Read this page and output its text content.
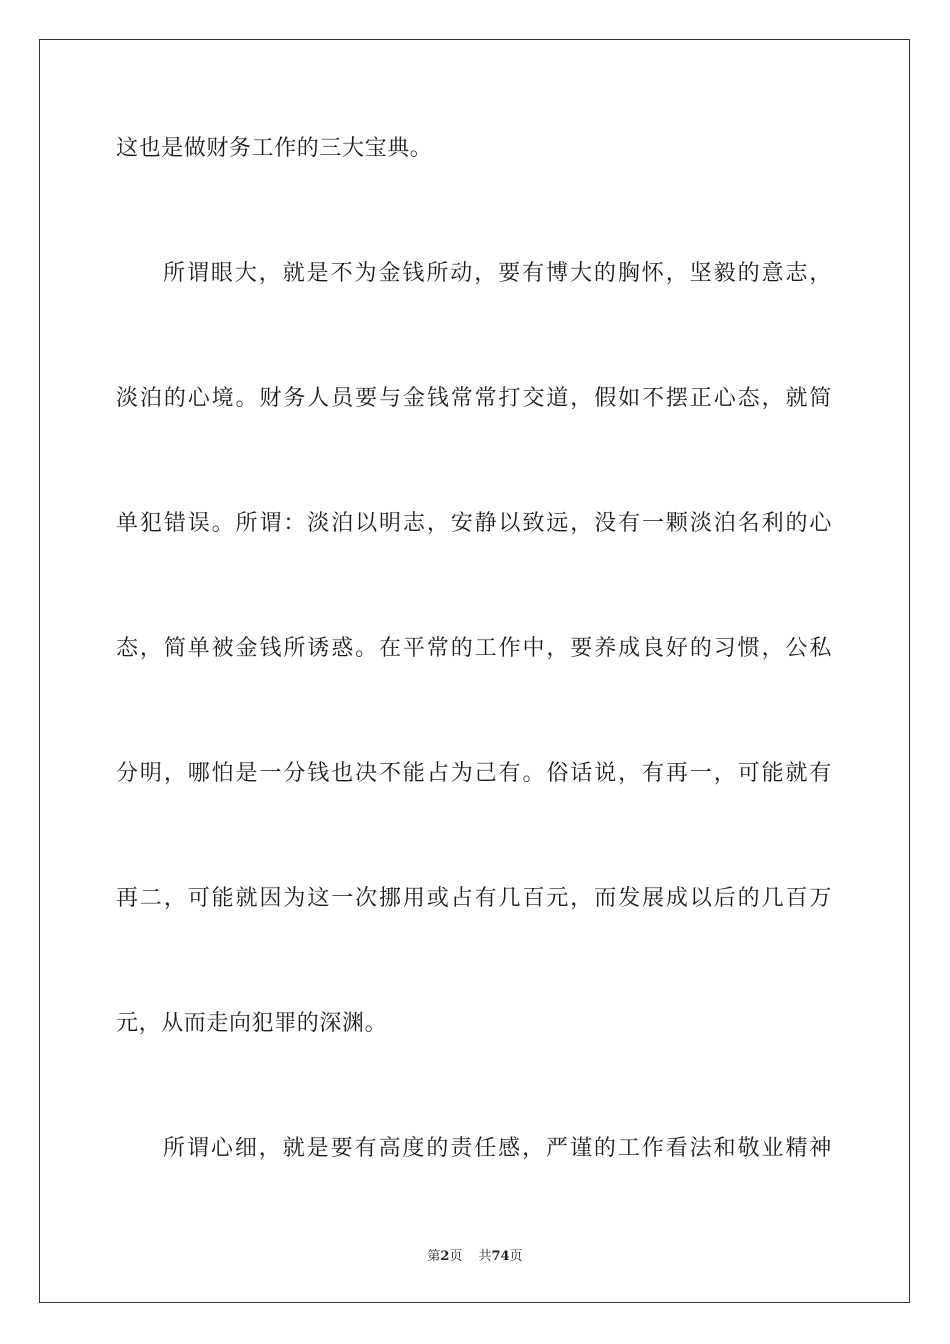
这也是做财务工作的三大宝典。
所谓眼大，就是不为金钱所动，要有博大的胸怀，坚毅的意志，
淡泊的心境。财务人员要与金钱常常打交道，假如不摆正心态，就简
单犯错误。所谓：淡泊以明志，安静以致远，没有一颗淡泊名利的心
态，简单被金钱所诱惑。在平常的工作中，要养成良好的习惯，公私
分明，哪怕是一分钱也决不能占为己有。俗话说，有再一，可能就有
再二，可能就因为这一次挪用或占有几百元，而发展成以后的几百万
元，从而走向犯罪的深渊。
所谓心细，就是要有高度的责任感，严谨的工作看法和敬业精神
第2页 共74页
